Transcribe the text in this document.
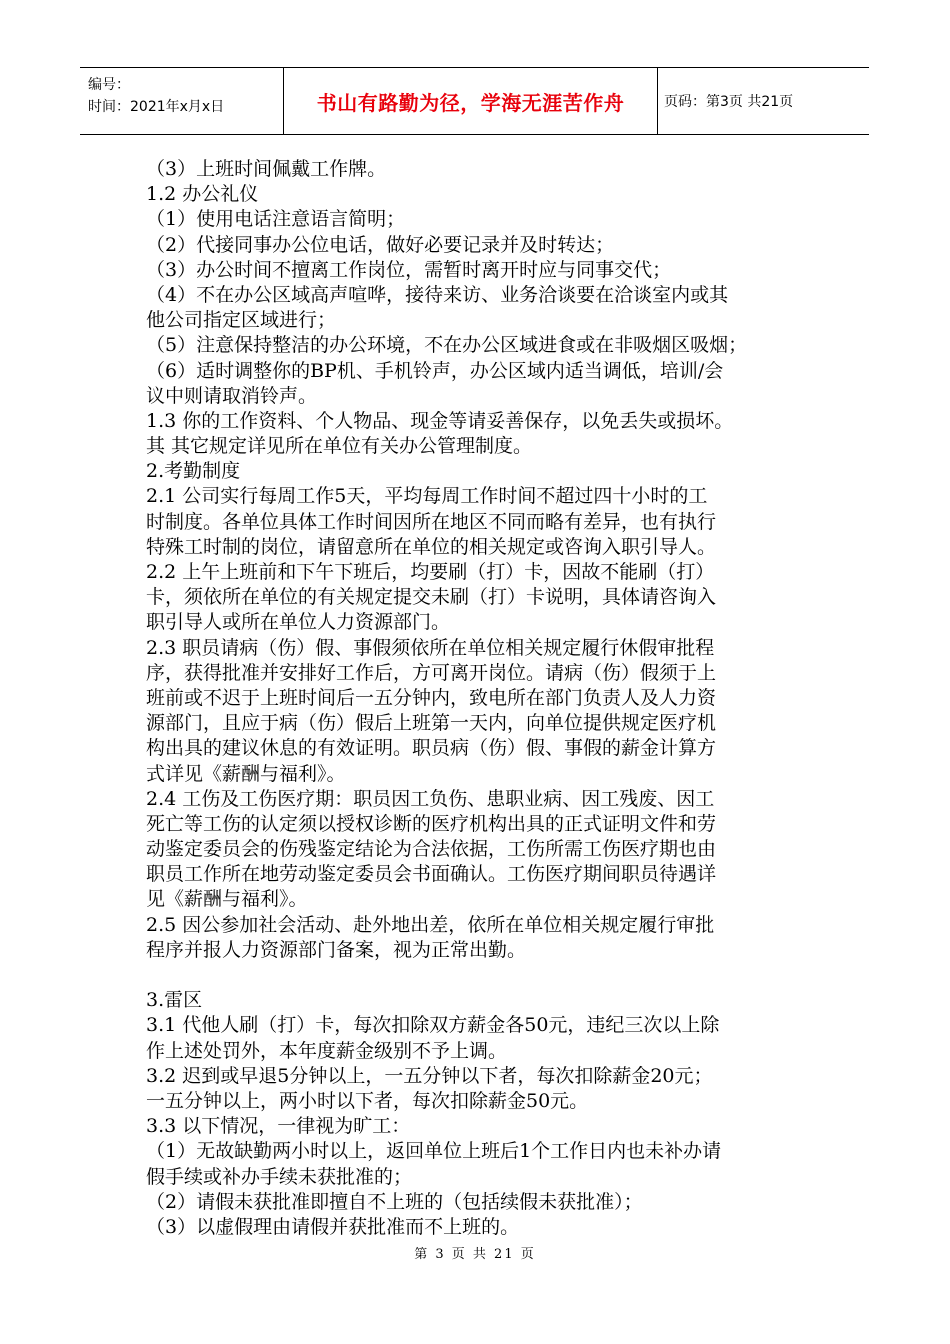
编号：
时间：2021年x月x日	书山有路勤为径，学海无涯苦作舟	页码：第3页 共21页
（3）上班时间佩戴工作牌。
1.2 办公礼仪
（1）使用电话注意语言简明；
（2）代接同事办公位电话，做好必要记录并及时转达；
（3）办公时间不擅离工作岗位，需暂时离开时应与同事交代；
（4）不在办公区域高声喧哗，接待来访、业务洽谈要在洽谈室内或其
他公司指定区域进行；
（5）注意保持整洁的办公环境，不在办公区域进食或在非吸烟区吸烟；
（6）适时调整你的BP机、手机铃声，办公区域内适当调低，培训/会
议中则请取消铃声。
1.3 你的工作资料、个人物品、现金等请妥善保存，以免丢失或损坏。
其 其它规定详见所在单位有关办公管理制度。
2.考勤制度
2.1 公司实行每周工作5天，平均每周工作时间不超过四十小时的工
时制度。各单位具体工作时间因所在地区不同而略有差异，也有执行
特殊工时制的岗位，请留意所在单位的相关规定或咨询入职引导人。
2.2 上午上班前和下午下班后，均要刷（打）卡，因故不能刷（打）
卡，须依所在单位的有关规定提交未刷（打）卡说明，具体请咨询入
职引导人或所在单位人力资源部门。
2.3 职员请病（伤）假、事假须依所在单位相关规定履行休假审批程
序，获得批准并安排好工作后，方可离开岗位。请病（伤）假须于上
班前或不迟于上班时间后一五分钟内，致电所在部门负责人及人力资
源部门，且应于病（伤）假后上班第一天内，向单位提供规定医疗机
构出具的建议休息的有效证明。职员病（伤）假、事假的薪金计算方
式详见《薪酬与福利》。
2.4 工伤及工伤医疗期：职员因工负伤、患职业病、因工残废、因工
死亡等工伤的认定须以授权诊断的医疗机构出具的正式证明文件和劳
动鉴定委员会的伤残鉴定结论为合法依据，工伤所需工伤医疗期也由
职员工作所在地劳动鉴定委员会书面确认。工伤医疗期间职员待遇详
见《薪酬与福利》。
2.5 因公参加社会活动、赴外地出差，依所在单位相关规定履行审批
程序并报人力资源部门备案，视为正常出勤。
3.雷区
3.1 代他人刷（打）卡，每次扣除双方薪金各50元，违纪三次以上除
作上述处罚外，本年度薪金级别不予上调。
3.2 迟到或早退5分钟以上，一五分钟以下者，每次扣除薪金20元；
一五分钟以上，两小时以下者，每次扣除薪金50元。
3.3 以下情况，一律视为旷工：
（1）无故缺勤两小时以上，返回单位上班后1个工作日内也未补办请
假手续或补办手续未获批准的；
（2）请假未获批准即擅自不上班的（包括续假未获批准）；
（3）以虚假理由请假并获批准而不上班的。
第 3 页 共 21 页
